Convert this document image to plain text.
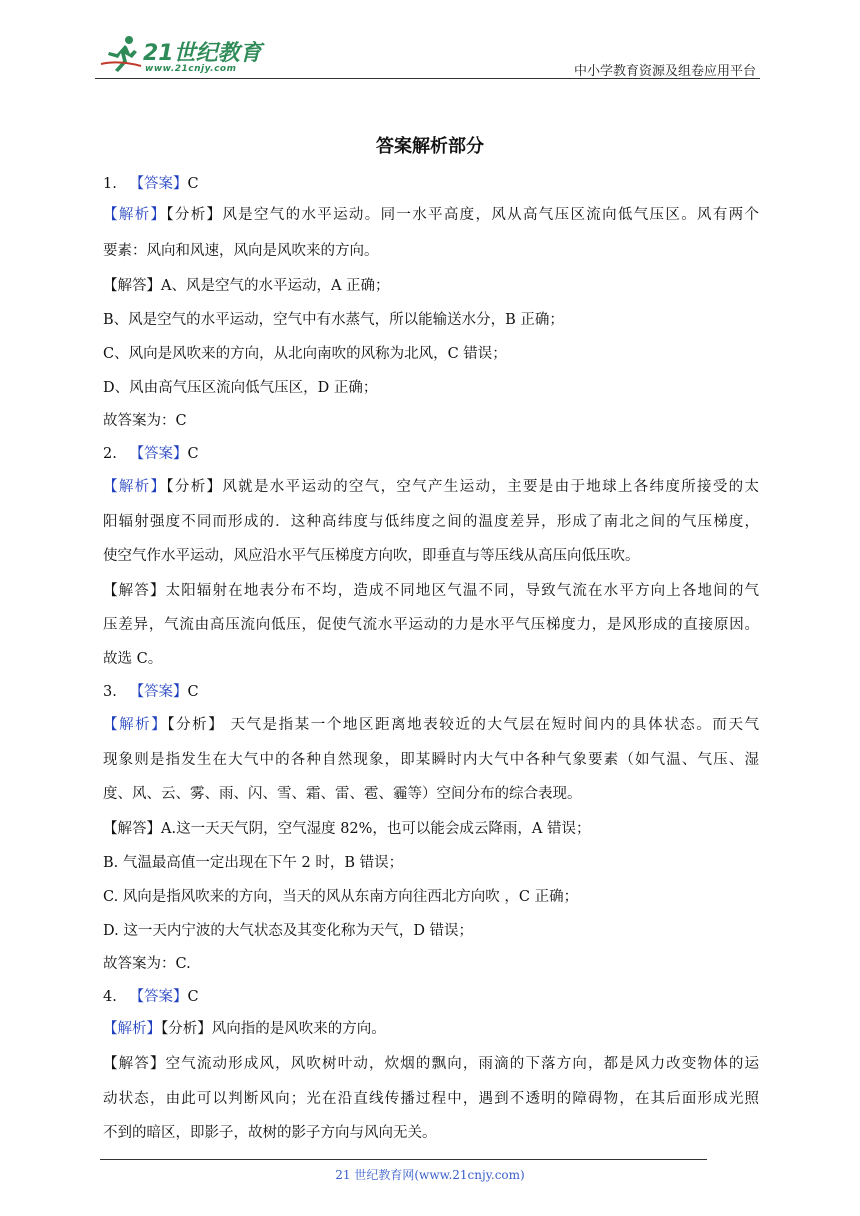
21世纪教育
www.21cnjy.com	中小学教育资源及组卷应用平台
答案解析部分
1. 【答案】C
【解析】【分析】风是空气的水平运动。同一水平高度，风从高气压区流向低气压区。风有两个
要素：风向和风速，风向是风吹来的方向。
【解答】A、风是空气的水平运动，A 正确；
B、风是空气的水平运动，空气中有水蒸气，所以能输送水分，B 正确；
C、风向是风吹来的方向，从北向南吹的风称为北风，C 错误；
D、风由高气压区流向低气压区，D 正确；
故答案为：C
2. 【答案】C
【解析】【分析】风就是水平运动的空气，空气产生运动，主要是由于地球上各纬度所接受的太
阳辐射强度不同而形成的．这种高纬度与低纬度之间的温度差异，形成了南北之间的气压梯度，
使空气作水平运动，风应沿水平气压梯度方向吹，即垂直与等压线从高压向低压吹。
【解答】太阳辐射在地表分布不均，造成不同地区气温不同，导致气流在水平方向上各地间的气
压差异，气流由高压流向低压，促使气流水平运动的力是水平气压梯度力，是风形成的直接原因。
故选 C。
3. 【答案】C
【解析】【分析】 天气是指某一个地区距离地表较近的大气层在短时间内的具体状态。而天气
现象则是指发生在大气中的各种自然现象，即某瞬时内大气中各种气象要素（如气温、气压、湿
度、风、云、雾、雨、闪、雪、霜、雷、雹、霾等）空间分布的综合表现。
【解答】A.这一天天气阴，空气湿度 82%，也可以能会成云降雨，A 错误；
B. 气温最高值一定出现在下午 2 时，B 错误；
C. 风向是指风吹来的方向，当天的风从东南方向往西北方向吹 ，C 正确；
D. 这一天内宁波的大气状态及其变化称为天气，D 错误；
故答案为：C.
4. 【答案】C
【解析】【分析】风向指的是风吹来的方向。
【解答】空气流动形成风，风吹树叶动，炊烟的飘向，雨滴的下落方向，都是风力改变物体的运
动状态，由此可以判断风向；光在沿直线传播过程中，遇到不透明的障碍物，在其后面形成光照
不到的暗区，即影子，故树的影子方向与风向无关。
21 世纪教育网(www.21cnjy.com)
